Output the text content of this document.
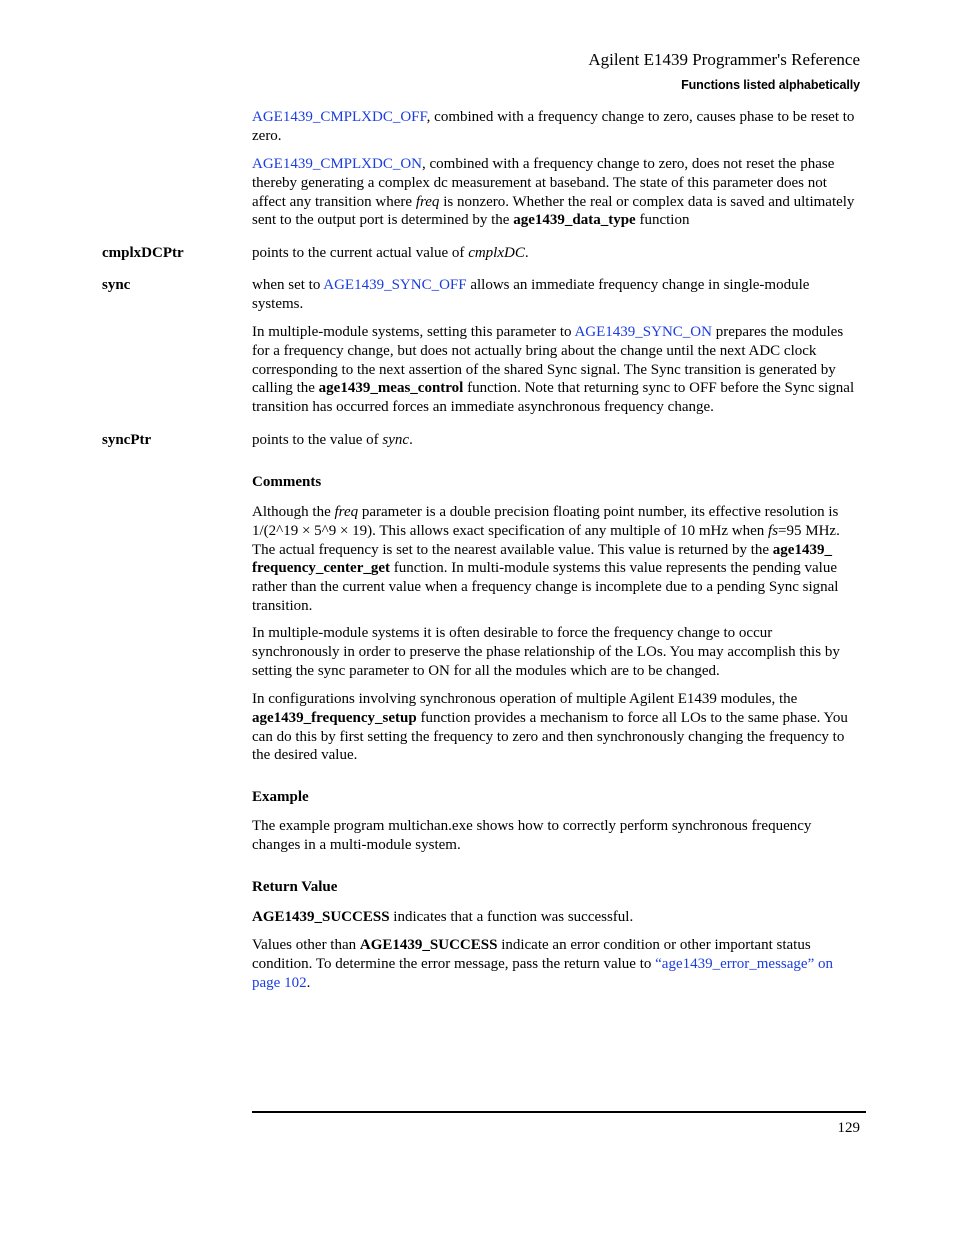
Agilent E1439 Programmer's Reference
Functions listed alphabetically

AGE1439_CMPLXDC_OFF, combined with a frequency change to zero, causes phase to be reset to zero.

AGE1439_CMPLXDC_ON, combined with a frequency change to zero, does not reset the phase thereby generating a complex dc measurement at baseband. The state of this parameter does not affect any transition where freq is nonzero. Whether the real or complex data is saved and ultimately sent to the output port is determined by the age1439_data_type function

cmplxDCPtr	points to the current actual value of cmplxDC.

sync	when set to AGE1439_SYNC_OFF allows an immediate frequency change in single-module systems.

In multiple-module systems, setting this parameter to AGE1439_SYNC_ON prepares the modules for a frequency change, but does not actually bring about the change until the next ADC clock corresponding to the next assertion of the shared Sync signal. The Sync transition is generated by calling the age1439_meas_control function. Note that returning sync to OFF before the Sync signal transition has occurred forces an immediate asynchronous frequency change.

syncPtr	points to the value of sync.

Comments

Although the freq parameter is a double precision floating point number, its effective resolution is 1/(2^19 × 5^9 × 19). This allows exact specification of any multiple of 10 mHz when fs=95 MHz. The actual frequency is set to the nearest available value. This value is returned by the age1439_ frequency_center_get function. In multi-module systems this value represents the pending value rather than the current value when a frequency change is incomplete due to a pending Sync signal transition.

In multiple-module systems it is often desirable to force the frequency change to occur synchronously in order to preserve the phase relationship of the LOs. You may accomplish this by setting the sync parameter to ON for all the modules which are to be changed.

In configurations involving synchronous operation of multiple Agilent E1439 modules, the age1439_frequency_setup function provides a mechanism to force all LOs to the same phase. You can do this by first setting the frequency to zero and then synchronously changing the frequency to the desired value.

Example

The example program multichan.exe shows how to correctly perform synchronous frequency changes in a multi-module system.

Return Value

AGE1439_SUCCESS indicates that a function was successful.

Values other than AGE1439_SUCCESS indicate an error condition or other important status condition. To determine the error message, pass the return value to “age1439_error_message” on page 102.

129
